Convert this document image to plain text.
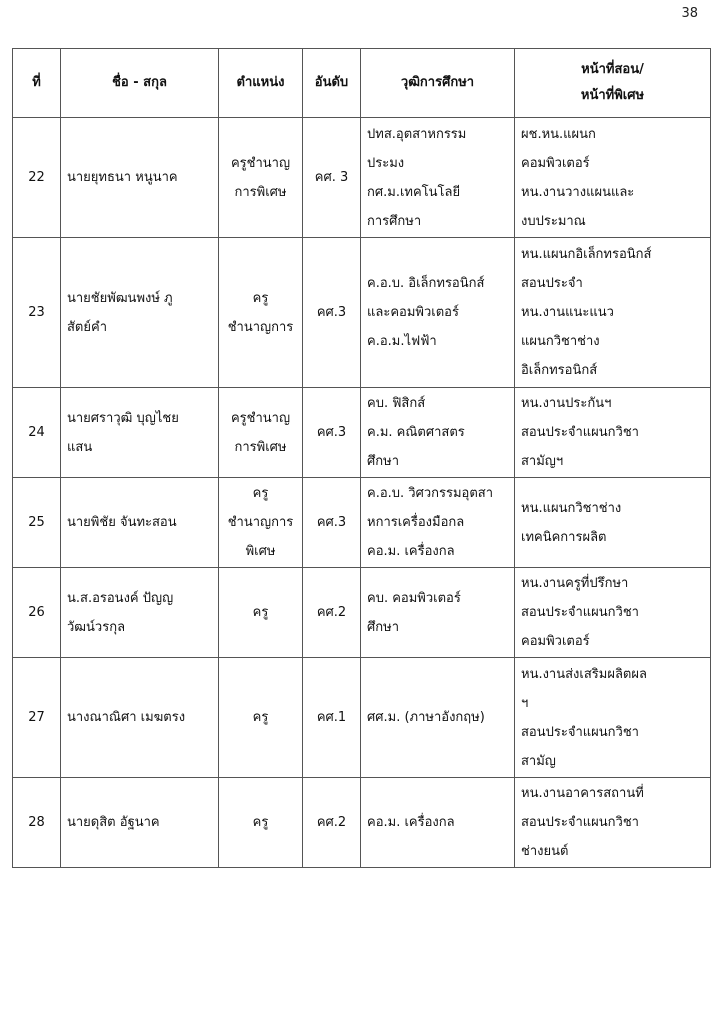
38
ที่	ชื่อ - สกุล	ตำแหน่ง	อันดับ	วุฒิการศึกษา	หน้าที่สอน/
หน้าที่พิเศษ

22	นายยุทธนา หนูนาค	ครูชำนาญ
การพิเศษ	คศ. 3	ปทส.อุตสาหกรรม
ประมง
กศ.ม.เทคโนโลยี
การศึกษา	ผช.หน.แผนก
คอมพิวเตอร์
หน.งานวางแผนและ
งบประมาณ

23	นายชัยพัฒนพงษ์ ภู
สัตย์คำ	ครู
ชำนาญการ	คศ.3	ค.อ.บ. อิเล็กทรอนิกส์
และคอมพิวเตอร์
ค.อ.ม.ไฟฟ้า	หน.แผนกอิเล็กทรอนิกส์
สอนประจำ
หน.งานแนะแนว
แผนกวิชาช่าง
อิเล็กทรอนิกส์

24	นายศราวุฒิ บุญไชย
แสน	ครูชำนาญ
การพิเศษ	คศ.3	คบ. ฟิสิกส์
ค.ม. คณิตศาสตร
ศึกษา	หน.งานประกันฯ
สอนประจำแผนกวิชา
สามัญฯ

25	นายพิชัย จันทะสอน	ครู
ชำนาญการ
พิเศษ	คศ.3	ค.อ.บ. วิศวกรรมอุตสา
หการเครื่องมือกล
คอ.ม. เครื่องกล	หน.แผนกวิชาช่าง
เทคนิคการผลิต

26	น.ส.อรอนงค์ ปัญญ
วัฒน์วรกุล	ครู	คศ.2	คบ. คอมพิวเตอร์
ศึกษา	หน.งานครูที่ปรึกษา
สอนประจำแผนกวิชา
คอมพิวเตอร์

27	นางณาณิศา เมฆตรง	ครู	คศ.1	ศศ.ม. (ภาษาอังกฤษ)	หน.งานส่งเสริมผลิตผล
ฯ
สอนประจำแผนกวิชา
สามัญ

28	นายดุสิต อัฐนาค	ครู	คศ.2	คอ.ม. เครื่องกล	หน.งานอาคารสถานที่
สอนประจำแผนกวิชา
ช่างยนต์
